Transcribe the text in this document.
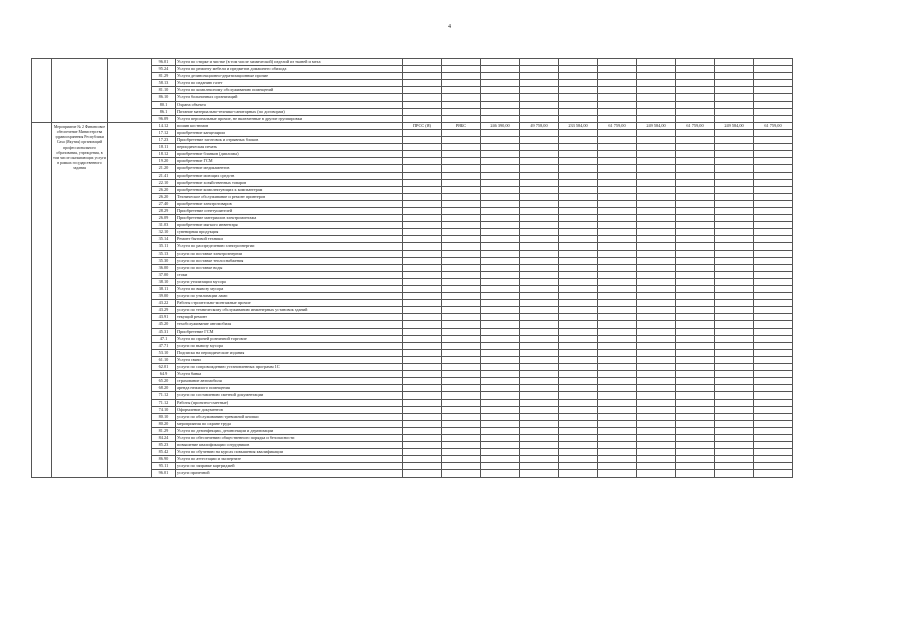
4
			96.01	Услуги по стирке и чистке (в том числе химической) изделий из тканей и меха										
			95.24	Услуги по ремонту мебели и предметов домашнего обихода										
			81.29	Услуги дезинсекционно-дератизационные прочие										
			58.13	Услуги по изданию газет										
			81.10	Услуги по комплексному обслуживанию помещений										
			86.10	Услуги больничных организаций										
			80.1	Охрана объекта										
			86.1	Питание материально-технико-санитарных (по договорам)										
			96.09	Услуги персональные прочие, не включенные в другие группировки										
	Мероприятие № 2 Финансовое обеспечение Министерства здравоохранения Республики Саха (Якутия) организаций профессионального образования, учреждения, в том числе оказывающих услуги в рамках государственного задания		14.12	пошив костюмов	ПРСС (Я)	РЯБС	246 390,00	49 758,00	233 584,00	61 759,00	249 584,00	61 759,00	249 584,00	61 759,00
			17.12	приобретение канцелярии										
			17.23	Приобретение заготовок и отрывных блоков										
			18.11	периодическая печать										
			18.12	приобретение бланков (дипломы)										
			19.20	приобретение ГСМ										
			21.20	приобретение медикаментов										
			21.41	приобретение моющих средств										
			22.10	приобретение хозяйственных товаров										
			26.20	приобретение комплектующих к компьютерам										
			26.20	Техническое обслуживание и ремонт принтеров										
			27.40	приобретение электротоваров										
			28.29	Приобретение огнетушителей										
			26.09	Приобретение материалов электромонтажа										
			31.03	приобретение мягкого инвентаря										
			32.10	сувенирная продукция										
			35.14	Ремонт бытовой техники										
			35.11	Услуги по распределению электроэнергии										
			35.13	услуги по поставке электроэнергии										
			35.30	услуги по поставке теплоснабжения										
			36.00	услуги по поставке воды										
			37.00	стоки										
			38.10	услуги утилизации мусора										
			38.11	Услуги по вывозу мусора										
			39.00	услуги по утилизации ламп										
			43.22	Работы строительно-монтажные прочие										
			43.29	услуги по техническому обслуживанию инженерных установок зданий										
			43.91	текущий ремонт										
			45.20	техобслуживание автомобиля										
			45.31	Приобретение ГСМ										
			47.1	Услуги по прочей розничной торговле										
			47.71	услуги по вывозу мусора										
			53.10	Подписка на периодические издания										
			61.10	Услуги связи										
			62.01	услуги по сопровождению установленных программ 1С										
			64.9	Услуги банка										
			65.20	страхование автомобиля										
			68.20	аренда нежилого помещения										
			71.12	услуги по составлению сметной документации										
			71.12	Работы (проектно-сметные)										
			74.10	Оформление документов										
			80.10	услуги по обслуживанию тревожной кнопки										
			80.20	мероприятия по охране труда										
			81.29	Услуги по дезинфекции, дезинсекции и дератизации										
			84.24	Услуги по обеспечению общественного порядка и безопасности										
			85.23	повышение квалификации сотрудников										
			85.42	Услуги по обучению на курсах повышения квалификации										
			86.90	Услуги по аттестации и экспертизе										
			95.11	услуги по заправке картриджей										
			96.01	услуги прачечной										
